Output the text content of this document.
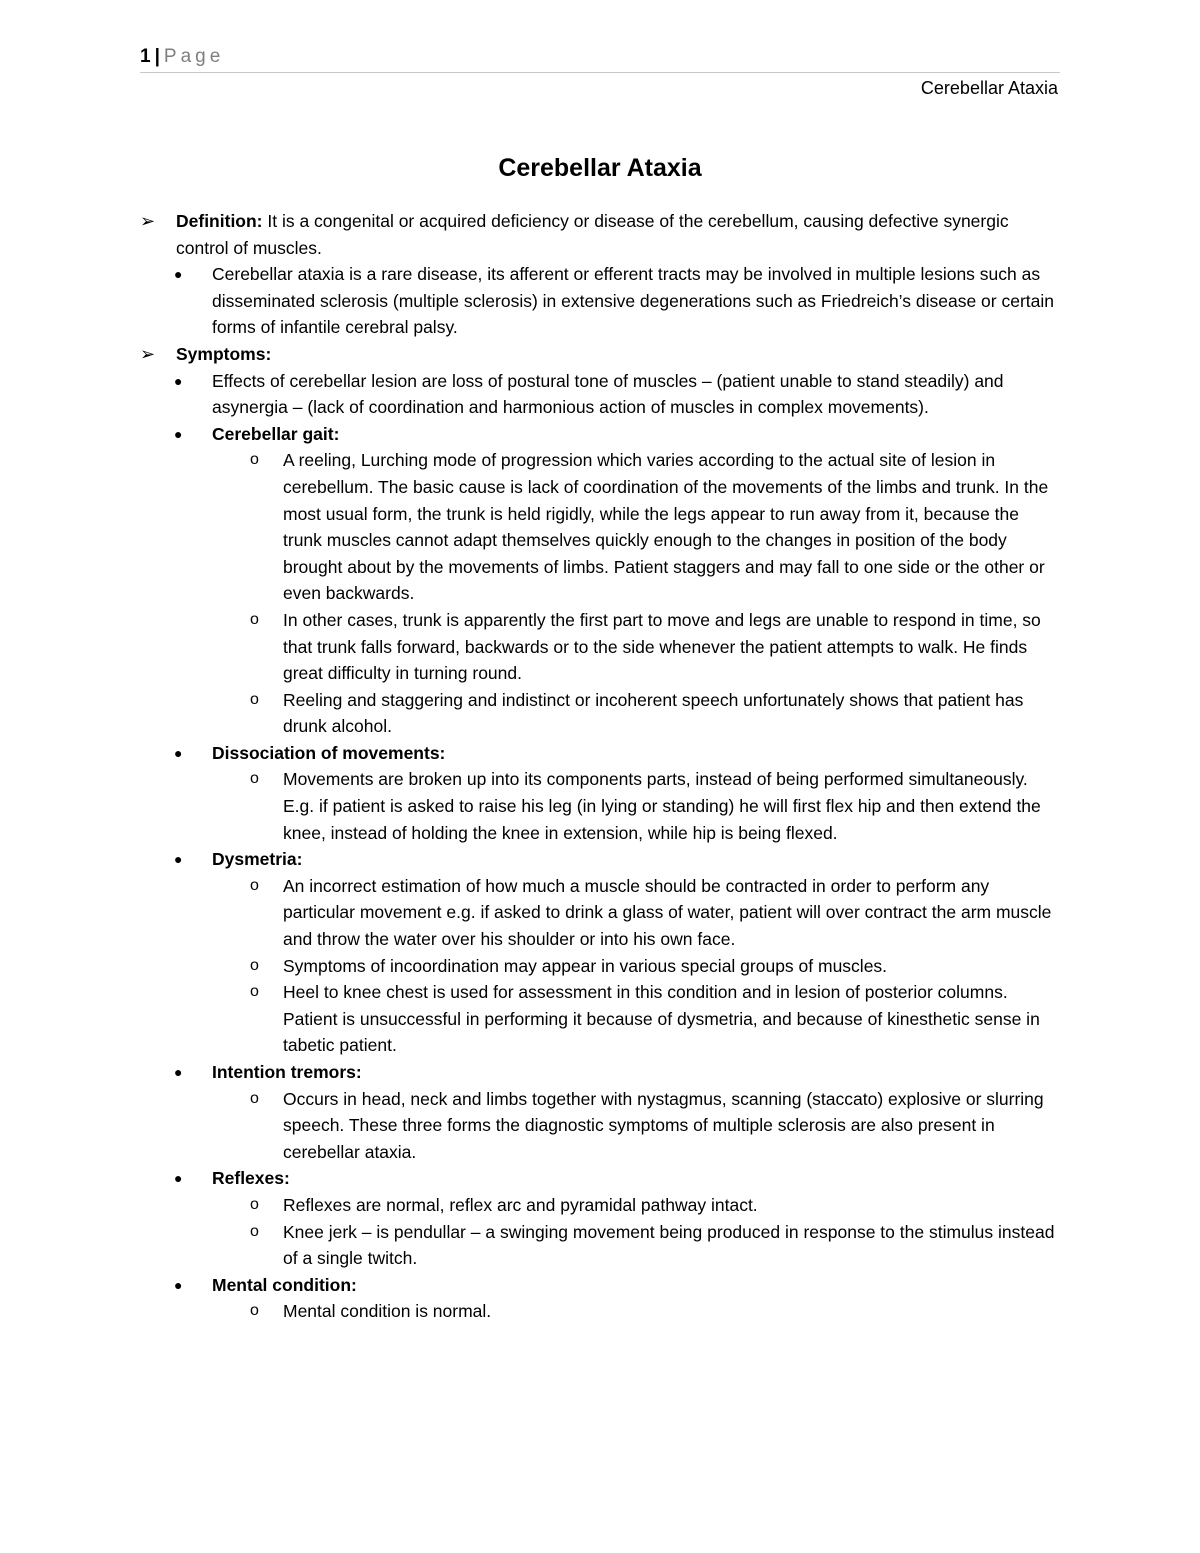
1 | Page
Cerebellar Ataxia
Cerebellar Ataxia
➢ Definition: It is a congenital or acquired deficiency or disease of the cerebellum, causing defective synergic control of muscles.
● Cerebellar ataxia is a rare disease, its afferent or efferent tracts may be involved in multiple lesions such as disseminated sclerosis (multiple sclerosis) in extensive degenerations such as Friedreich’s disease or certain forms of infantile cerebral palsy.
➢ Symptoms:
● Effects of cerebellar lesion are loss of postural tone of muscles – (patient unable to stand steadily) and asynergia – (lack of coordination and harmonious action of muscles in complex movements).
● Cerebellar gait:
o A reeling, Lurching mode of progression which varies according to the actual site of lesion in cerebellum. The basic cause is lack of coordination of the movements of the limbs and trunk. In the most usual form, the trunk is held rigidly, while the legs appear to run away from it, because the trunk muscles cannot adapt themselves quickly enough to the changes in position of the body brought about by the movements of limbs. Patient staggers and may fall to one side or the other or even backwards.
o In other cases, trunk is apparently the first part to move and legs are unable to respond in time, so that trunk falls forward, backwards or to the side whenever the patient attempts to walk. He finds great difficulty in turning round.
o Reeling and staggering and indistinct or incoherent speech unfortunately shows that patient has drunk alcohol.
● Dissociation of movements:
o Movements are broken up into its components parts, instead of being performed simultaneously. E.g. if patient is asked to raise his leg (in lying or standing) he will first flex hip and then extend the knee, instead of holding the knee in extension, while hip is being flexed.
● Dysmetria:
o An incorrect estimation of how much a muscle should be contracted in order to perform any particular movement e.g. if asked to drink a glass of water, patient will over contract the arm muscle and throw the water over his shoulder or into his own face.
o Symptoms of incoordination may appear in various special groups of muscles.
o Heel to knee chest is used for assessment in this condition and in lesion of posterior columns. Patient is unsuccessful in performing it because of dysmetria, and because of kinesthetic sense in tabetic patient.
● Intention tremors:
o Occurs in head, neck and limbs together with nystagmus, scanning (staccato) explosive or slurring speech. These three forms the diagnostic symptoms of multiple sclerosis are also present in cerebellar ataxia.
● Reflexes:
o Reflexes are normal, reflex arc and pyramidal pathway intact.
o Knee jerk – is pendullar – a swinging movement being produced in response to the stimulus instead of a single twitch.
● Mental condition:
o Mental condition is normal.
